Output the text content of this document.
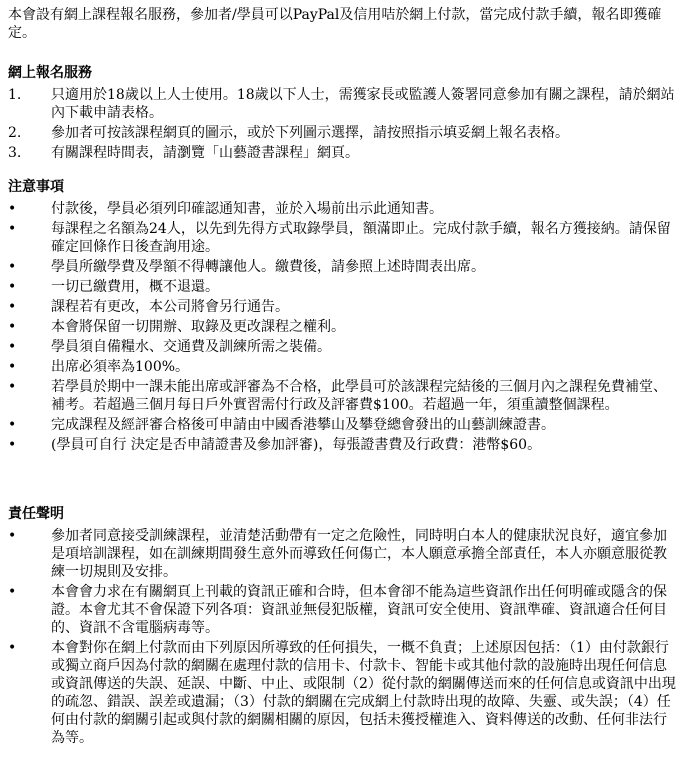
本會設有網上課程報名服務，參加者/學員可以PayPal及信用咭於網上付款，當完成付款手續，報名即獲確定。
網上報名服務
1.	只適用於18歲以上人士使用。18歲以下人士，需獲家長或監護人簽署同意參加有關之課程，請於網站內下載申請表格。
2.	參加者可按該課程網頁的圖示，或於下列圖示選擇，請按照指示填妥網上報名表格。
3.	有關課程時間表，請瀏覽「山藝證書課程」網頁。
注意事項
•	付款後，學員必須列印確認通知書，並於入場前出示此通知書。
•	每課程之名額為24人，以先到先得方式取錄學員，額滿即止。完成付款手續，報名方獲接納。請保留確定回條作日後查詢用途。
•	學員所繳學費及學額不得轉讓他人。繳費後，請參照上述時間表出席。
•	一切已繳費用，概不退還。
•	課程若有更改，本公司將會另行通告。
•	本會將保留一切開辦、取錄及更改課程之權利。
•	學員須自備糧水、交通費及訓練所需之裝備。
•	出席必須率為100%。
•	若學員於期中一課未能出席或評審為不合格，此學員可於該課程完結後的三個月內之課程免費補堂、補考。若超過三個月每日戶外實習需付行政及評審費$100。若超過一年，須重讀整個課程。
•	完成課程及經評審合格後可申請由中國香港攀山及攀登總會發出的山藝訓練證書。
•	(學員可自行 決定是否申請證書及參加評審)，每張證書費及行政費：港幣$60。
責任聲明
•	參加者同意接受訓練課程，並清楚活動帶有一定之危險性，同時明白本人的健康狀況良好，適宜參加是項培訓課程，如在訓練期間發生意外而導致任何傷亡，本人願意承擔全部責任，本人亦願意服從教練一切規則及安排。
•	本會會力求在有關網頁上刊載的資訊正確和合時，但本會卻不能為這些資訊作出任何明確或隱含的保證。本會尤其不會保證下列各項：資訊並無侵犯版權，資訊可安全使用、資訊準確、資訊適合任何目的、資訊不含電腦病毒等。
•	本會對你在網上付款而由下列原因所導致的任何損失，一概不負責；上述原因包括：（1）由付款銀行或獨立商戶因為付款的網關在處理付款的信用卡、付款卡、智能卡或其他付款的設施時出現任何信息或資訊傳送的失誤、延誤、中斷、中止、或限制（2）從付款的網關傳送而來的任何信息或資訊中出現的疏忽、錯誤、誤差或遺漏；（3）付款的網關在完成網上付款時出現的故障、失靈、或失誤；（4）任何由付款的網關引起或與付款的網關相關的原因，包括未獲授權進入、資料傳送的改動、任何非法行為等。
